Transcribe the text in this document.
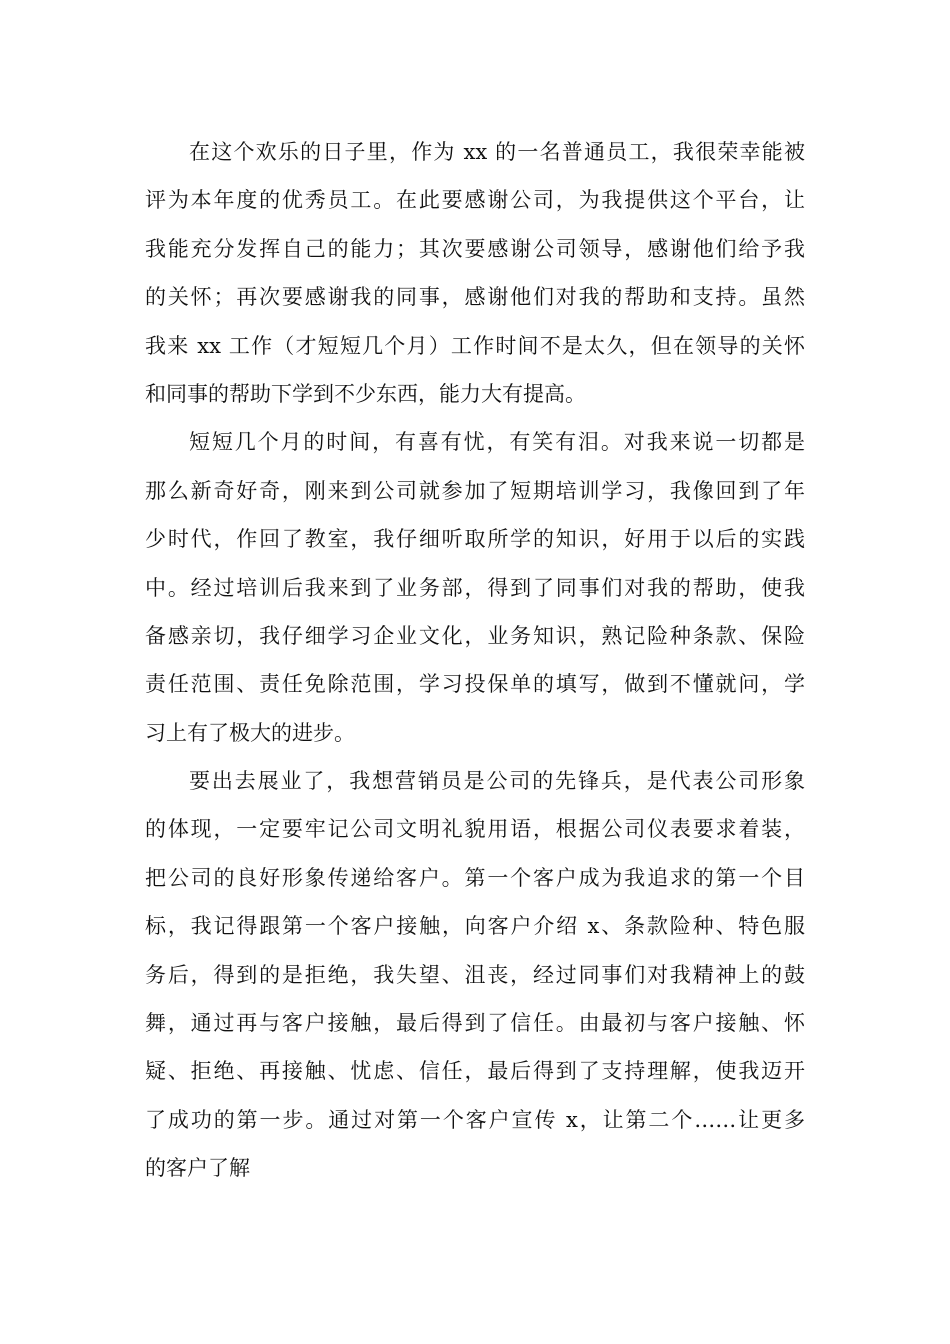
在这个欢乐的日子里，作为 xx 的一名普通员工，我很荣幸能被
评为本年度的优秀员工。在此要感谢公司，为我提供这个平台，让
我能充分发挥自己的能力；其次要感谢公司领导，感谢他们给予我
的关怀；再次要感谢我的同事，感谢他们对我的帮助和支持。虽然
我来 xx 工作（才短短几个月）工作时间不是太久，但在领导的关怀
和同事的帮助下学到不少东西，能力大有提高。
短短几个月的时间，有喜有忧，有笑有泪。对我来说一切都是
那么新奇好奇，刚来到公司就参加了短期培训学习，我像回到了年
少时代，作回了教室，我仔细听取所学的知识，好用于以后的实践
中。经过培训后我来到了业务部，得到了同事们对我的帮助，使我
备感亲切，我仔细学习企业文化，业务知识，熟记险种条款、保险
责任范围、责任免除范围，学习投保单的填写，做到不懂就问，学
习上有了极大的进步。
要出去展业了，我想营销员是公司的先锋兵，是代表公司形象
的体现，一定要牢记公司文明礼貌用语，根据公司仪表要求着装，
把公司的良好形象传递给客户。第一个客户成为我追求的第一个目
标，我记得跟第一个客户接触，向客户介绍 x、条款险种、特色服
务后，得到的是拒绝，我失望、沮丧，经过同事们对我精神上的鼓
舞，通过再与客户接触，最后得到了信任。由最初与客户接触、怀
疑、拒绝、再接触、忧虑、信任，最后得到了支持理解，使我迈开
了成功的第一步。通过对第一个客户宣传 x，让第二个……让更多
的客户了解
